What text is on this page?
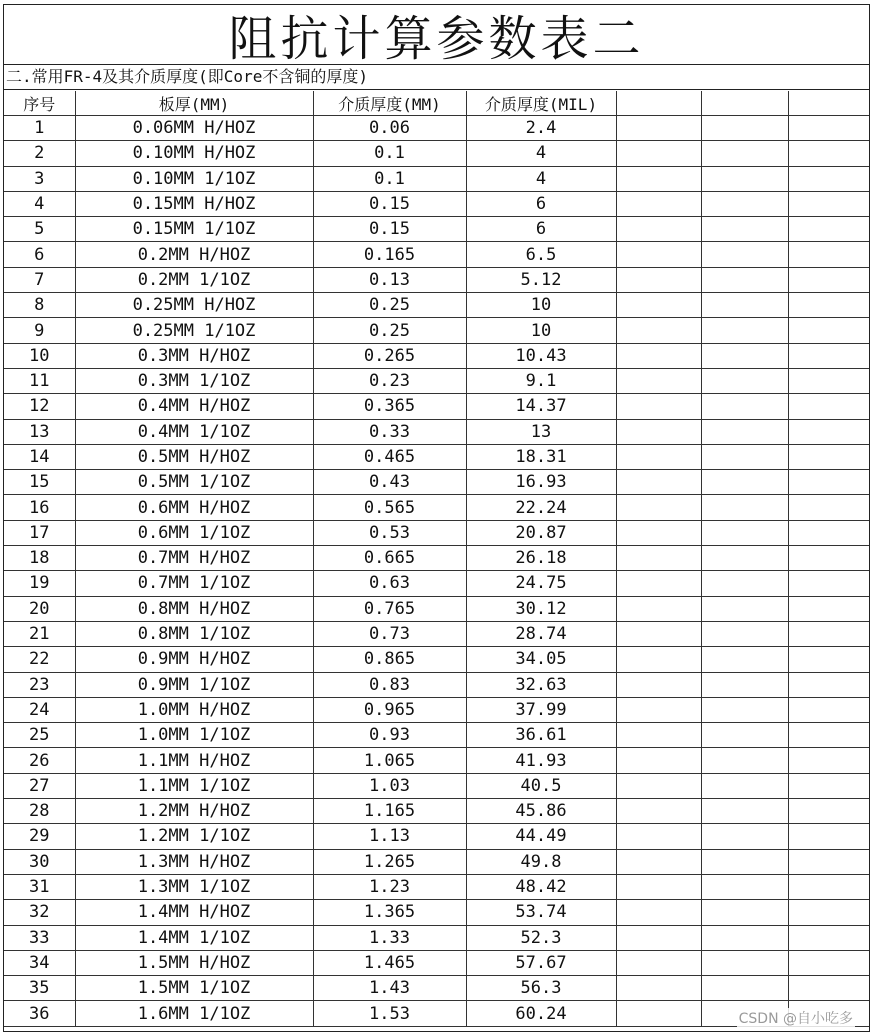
阻抗计算参数表二
二.常用FR-4及其介质厚度(即Core不含铜的厚度)
序号	板厚(MM)	介质厚度(MM)	介质厚度(MIL)			
1	0.06MM H/HOZ	0.06	2.4			
2	0.10MM H/HOZ	0.1	4			
3	0.10MM 1/1OZ	0.1	4			
4	0.15MM H/HOZ	0.15	6			
5	0.15MM 1/1OZ	0.15	6			
6	0.2MM H/HOZ	0.165	6.5			
7	0.2MM 1/1OZ	0.13	5.12			
8	0.25MM H/HOZ	0.25	10			
9	0.25MM 1/1OZ	0.25	10			
10	0.3MM H/HOZ	0.265	10.43			
11	0.3MM 1/1OZ	0.23	9.1			
12	0.4MM H/HOZ	0.365	14.37			
13	0.4MM 1/1OZ	0.33	13			
14	0.5MM H/HOZ	0.465	18.31			
15	0.5MM 1/1OZ	0.43	16.93			
16	0.6MM H/HOZ	0.565	22.24			
17	0.6MM 1/1OZ	0.53	20.87			
18	0.7MM H/HOZ	0.665	26.18			
19	0.7MM 1/1OZ	0.63	24.75			
20	0.8MM H/HOZ	0.765	30.12			
21	0.8MM 1/1OZ	0.73	28.74			
22	0.9MM H/HOZ	0.865	34.05			
23	0.9MM 1/1OZ	0.83	32.63			
24	1.0MM H/HOZ	0.965	37.99			
25	1.0MM 1/1OZ	0.93	36.61			
26	1.1MM H/HOZ	1.065	41.93			
27	1.1MM 1/1OZ	1.03	40.5			
28	1.2MM H/HOZ	1.165	45.86			
29	1.2MM 1/1OZ	1.13	44.49			
30	1.3MM H/HOZ	1.265	49.8			
31	1.3MM 1/1OZ	1.23	48.42			
32	1.4MM H/HOZ	1.365	53.74			
33	1.4MM 1/1OZ	1.33	52.3			
34	1.5MM H/HOZ	1.465	57.67			
35	1.5MM 1/1OZ	1.43	56.3			
36	1.6MM 1/1OZ	1.53	60.24				CSDN @自小吃多
